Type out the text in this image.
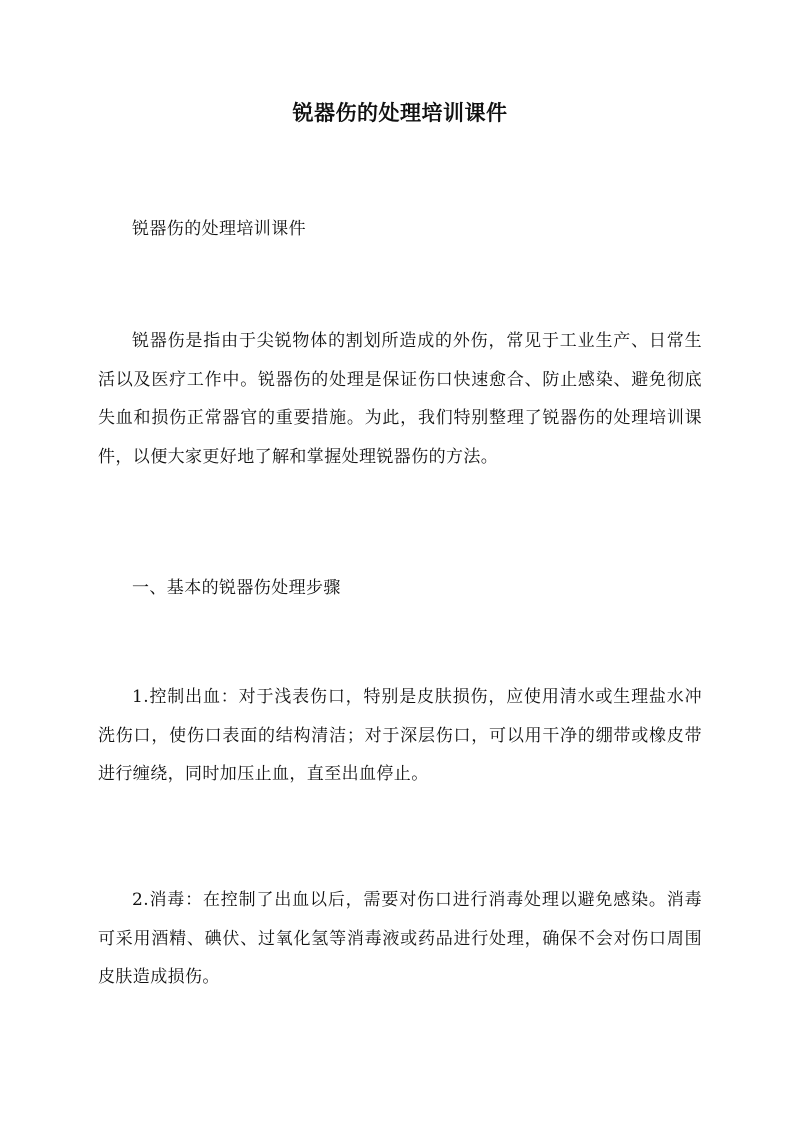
锐器伤的处理培训课件

锐器伤的处理培训课件

锐器伤是指由于尖锐物体的割划所造成的外伤，常见于工业生产、日常生活以及医疗工作中。锐器伤的处理是保证伤口快速愈合、防止感染、避免彻底失血和损伤正常器官的重要措施。为此，我们特别整理了锐器伤的处理培训课件，以便大家更好地了解和掌握处理锐器伤的方法。

一、基本的锐器伤处理步骤

1.控制出血：对于浅表伤口，特别是皮肤损伤，应使用清水或生理盐水冲洗伤口，使伤口表面的结构清洁；对于深层伤口，可以用干净的绷带或橡皮带进行缠绕，同时加压止血，直至出血停止。

2.消毒：在控制了出血以后，需要对伤口进行消毒处理以避免感染。消毒可采用酒精、碘伏、过氧化氢等消毒液或药品进行处理，确保不会对伤口周围皮肤造成损伤。
